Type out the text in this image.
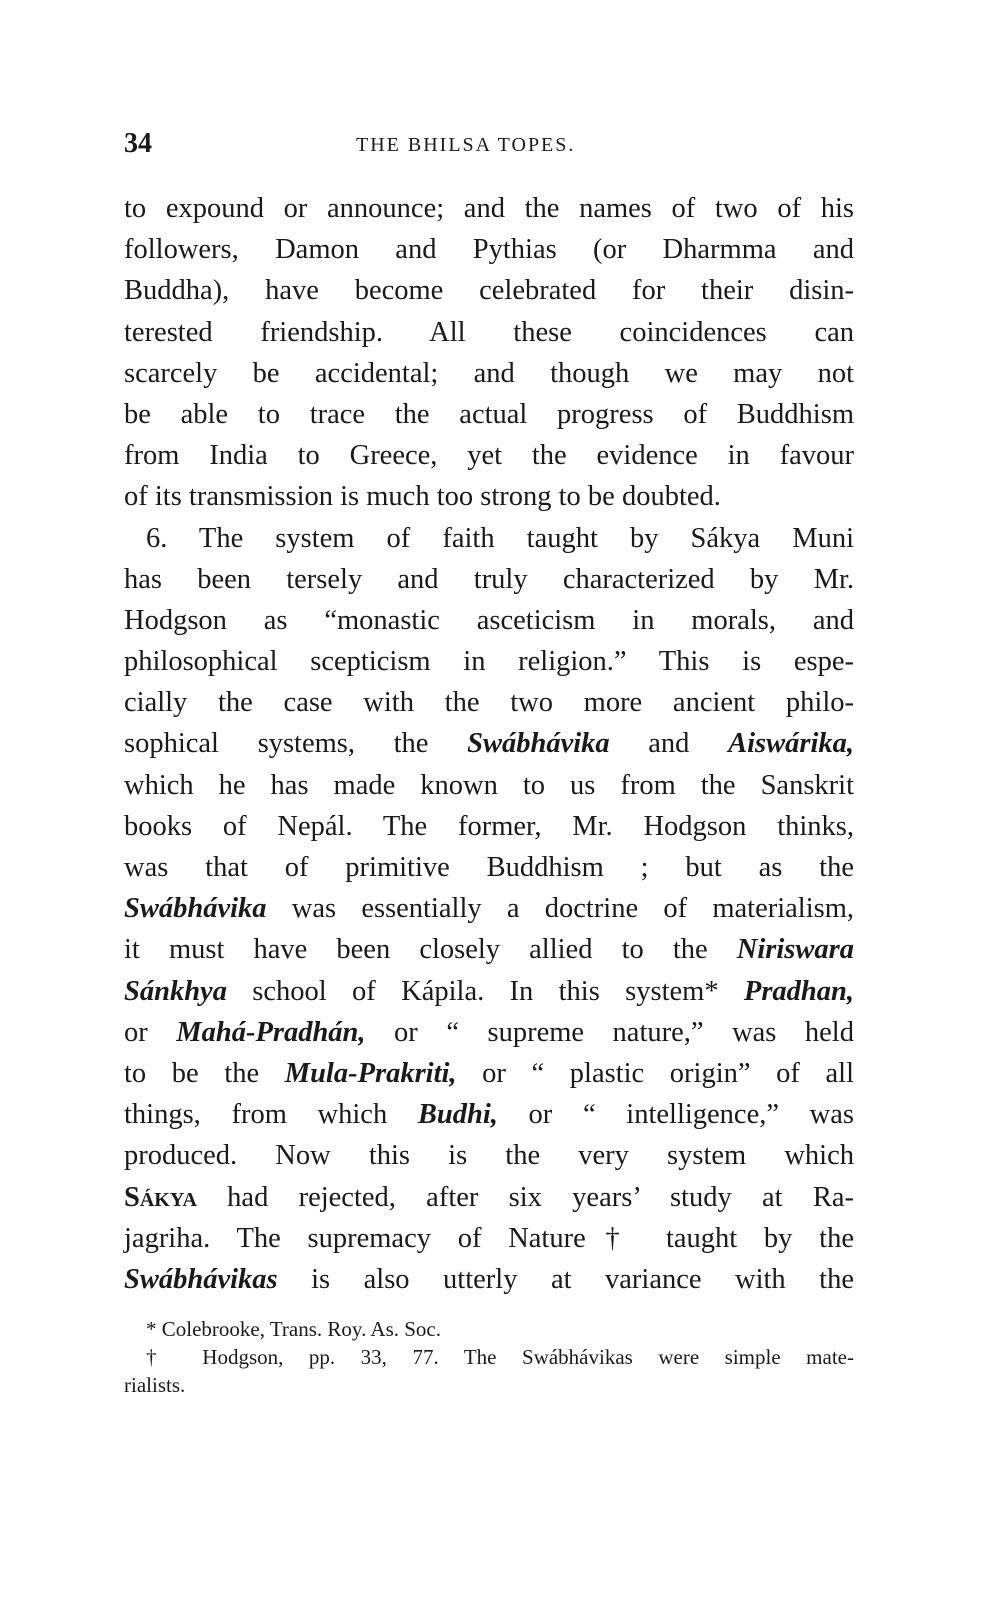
34	THE BHILSA TOPES.
to expound or announce; and the names of two of his
followers, Damon and Pythias (or Dharmma and
Buddha), have become celebrated for their disin-
terested friendship. All these coincidences can
scarcely be accidental; and though we may not
be able to trace the actual progress of Buddhism
from India to Greece, yet the evidence in favour
of its transmission is much too strong to be doubted.
6. The system of faith taught by Sákya Muni
has been tersely and truly characterized by Mr.
Hodgson as “monastic asceticism in morals, and
philosophical scepticism in religion.” This is espe-
cially the case with the two more ancient philo-
sophical systems, the Swábhávika and Aiswárika,
which he has made known to us from the Sanskrit
books of Nepál. The former, Mr. Hodgson thinks,
was that of primitive Buddhism ; but as the
Swábhávika was essentially a doctrine of materialism,
it must have been closely allied to the Niriswara
Sánkhya school of Kápila. In this system* Pradhan,
or Mahá-Pradhán, or “ supreme nature,” was held
to be the Mula-Prakriti, or “ plastic origin” of all
things, from which Budhi, or “ intelligence,” was
produced. Now this is the very system which
Sákya had rejected, after six years’ study at Ra-
jagriha. The supremacy of Nature† taught by the
Swábhávikas is also utterly at variance with the
* Colebrooke, Trans. Roy. As. Soc.
† Hodgson, pp. 33, 77. The Swábhávikas were simple mate-
rialists.
